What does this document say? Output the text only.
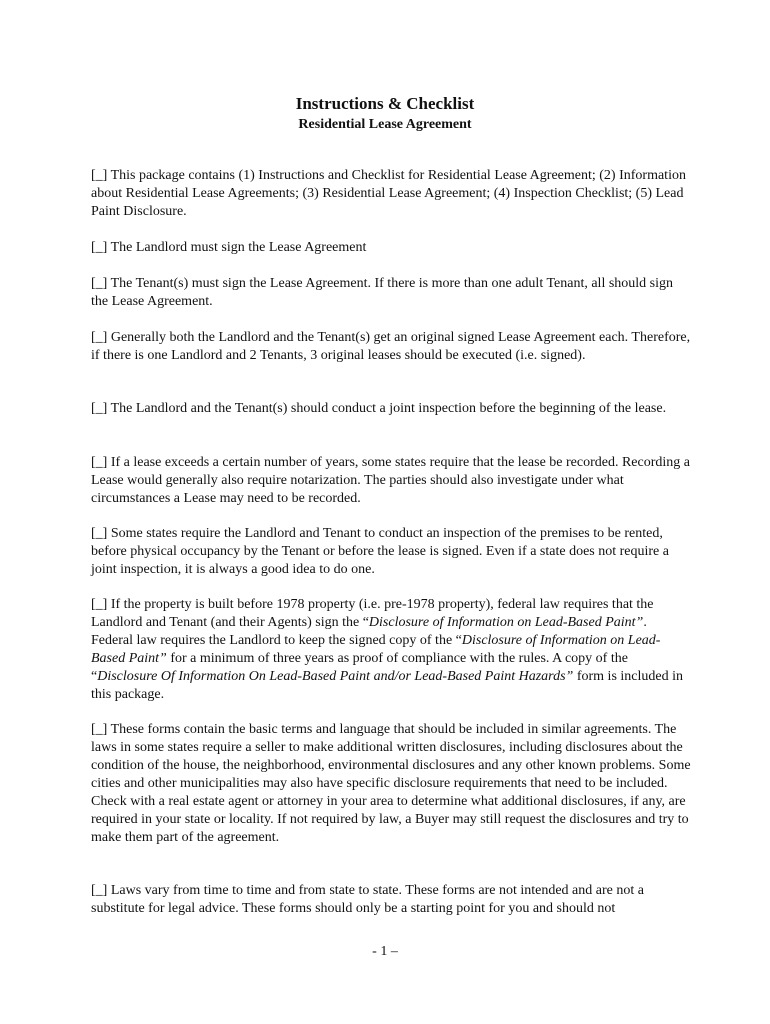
Instructions & Checklist
Residential Lease Agreement

[_] This package contains (1) Instructions and Checklist for Residential Lease Agreement; (2) Information about Residential Lease Agreements; (3) Residential Lease Agreement; (4) Inspection Checklist; (5) Lead Paint Disclosure.

[_] The Landlord must sign the Lease Agreement

[_] The Tenant(s) must sign the Lease Agreement. If there is more than one adult Tenant, all should sign the Lease Agreement.

[_] Generally both the Landlord and the Tenant(s) get an original signed Lease Agreement each. Therefore, if there is one Landlord and 2 Tenants, 3 original leases should be executed (i.e. signed).

[_] The Landlord and the Tenant(s) should conduct a joint inspection before the beginning of the lease.

[_] If a lease exceeds a certain number of years, some states require that the lease be recorded. Recording a Lease would generally also require notarization. The parties should also investigate under what circumstances a Lease may need to be recorded.

[_] Some states require the Landlord and Tenant to conduct an inspection of the premises to be rented, before physical occupancy by the Tenant or before the lease is signed. Even if a state does not require a joint inspection, it is always a good idea to do one.

[_] If the property is built before 1978 property (i.e. pre-1978 property), federal law requires that the Landlord and Tenant (and their Agents) sign the “Disclosure of Information on Lead-Based Paint”. Federal law requires the Landlord to keep the signed copy of the “Disclosure of Information on Lead-Based Paint” for a minimum of three years as proof of compliance with the rules. A copy of the “Disclosure Of Information On Lead-Based Paint and/or Lead-Based Paint Hazards” form is included in this package.

[_] These forms contain the basic terms and language that should be included in similar agreements. The laws in some states require a seller to make additional written disclosures, including disclosures about the condition of the house, the neighborhood, environmental disclosures and any other known problems. Some cities and other municipalities may also have specific disclosure requirements that need to be included. Check with a real estate agent or attorney in your area to determine what additional disclosures, if any, are required in your state or locality. If not required by law, a Buyer may still request the disclosures and try to make them part of the agreement.

[_] Laws vary from time to time and from state to state. These forms are not intended and are not a substitute for legal advice. These forms should only be a starting point for you and should not

- 1 –
